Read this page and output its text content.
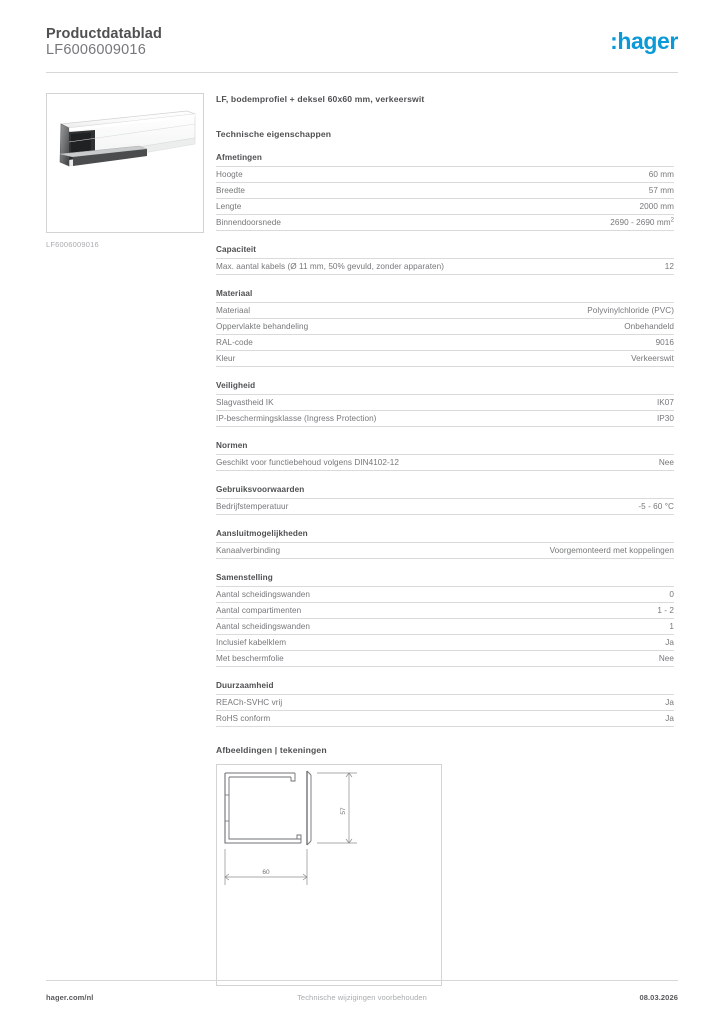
Productdatablad
LF6006009016	:hager
LF6006009016
LF, bodemprofiel + deksel 60x60 mm, verkeerswit
Technische eigenschappen
Afmetingen
Hoogte	60 mm
Breedte	57 mm
Lengte	2000 mm
Binnendoorsnede	2690 - 2690 $mm^2$
Capaciteit
Max. aantal kabels (Ø 11 mm, 50% gevuld, zonder apparaten)	12
Materiaal
Materiaal	Polyvinylchloride (PVC)
Oppervlakte behandeling	Onbehandeld
RAL-code	9016
Kleur	Verkeerswit
Veiligheid
Slagvastheid IK	IK07
IP-beschermingsklasse (Ingress Protection)	IP30
Normen
Geschikt voor functiebehoud volgens DIN4102-12	Nee
Gebruiksvoorwaarden
Bedrijfstemperatuur	-5 - 60 °C
Aansluitmogelijkheden
Kanaalverbinding	Voorgemonteerd met koppelingen
Samenstelling
Aantal scheidingswanden	0
Aantal compartimenten	1 - 2
Aantal scheidingswanden	1
Inclusief kabelklem	Ja
Met beschermfolie	Nee
Duurzaamheid
REACh-SVHC vrij	Ja
RoHS conform	Ja
Afbeeldingen | tekeningen
57
60
hager.com/nl	Technische wijzigingen voorbehouden	08.03.2026
